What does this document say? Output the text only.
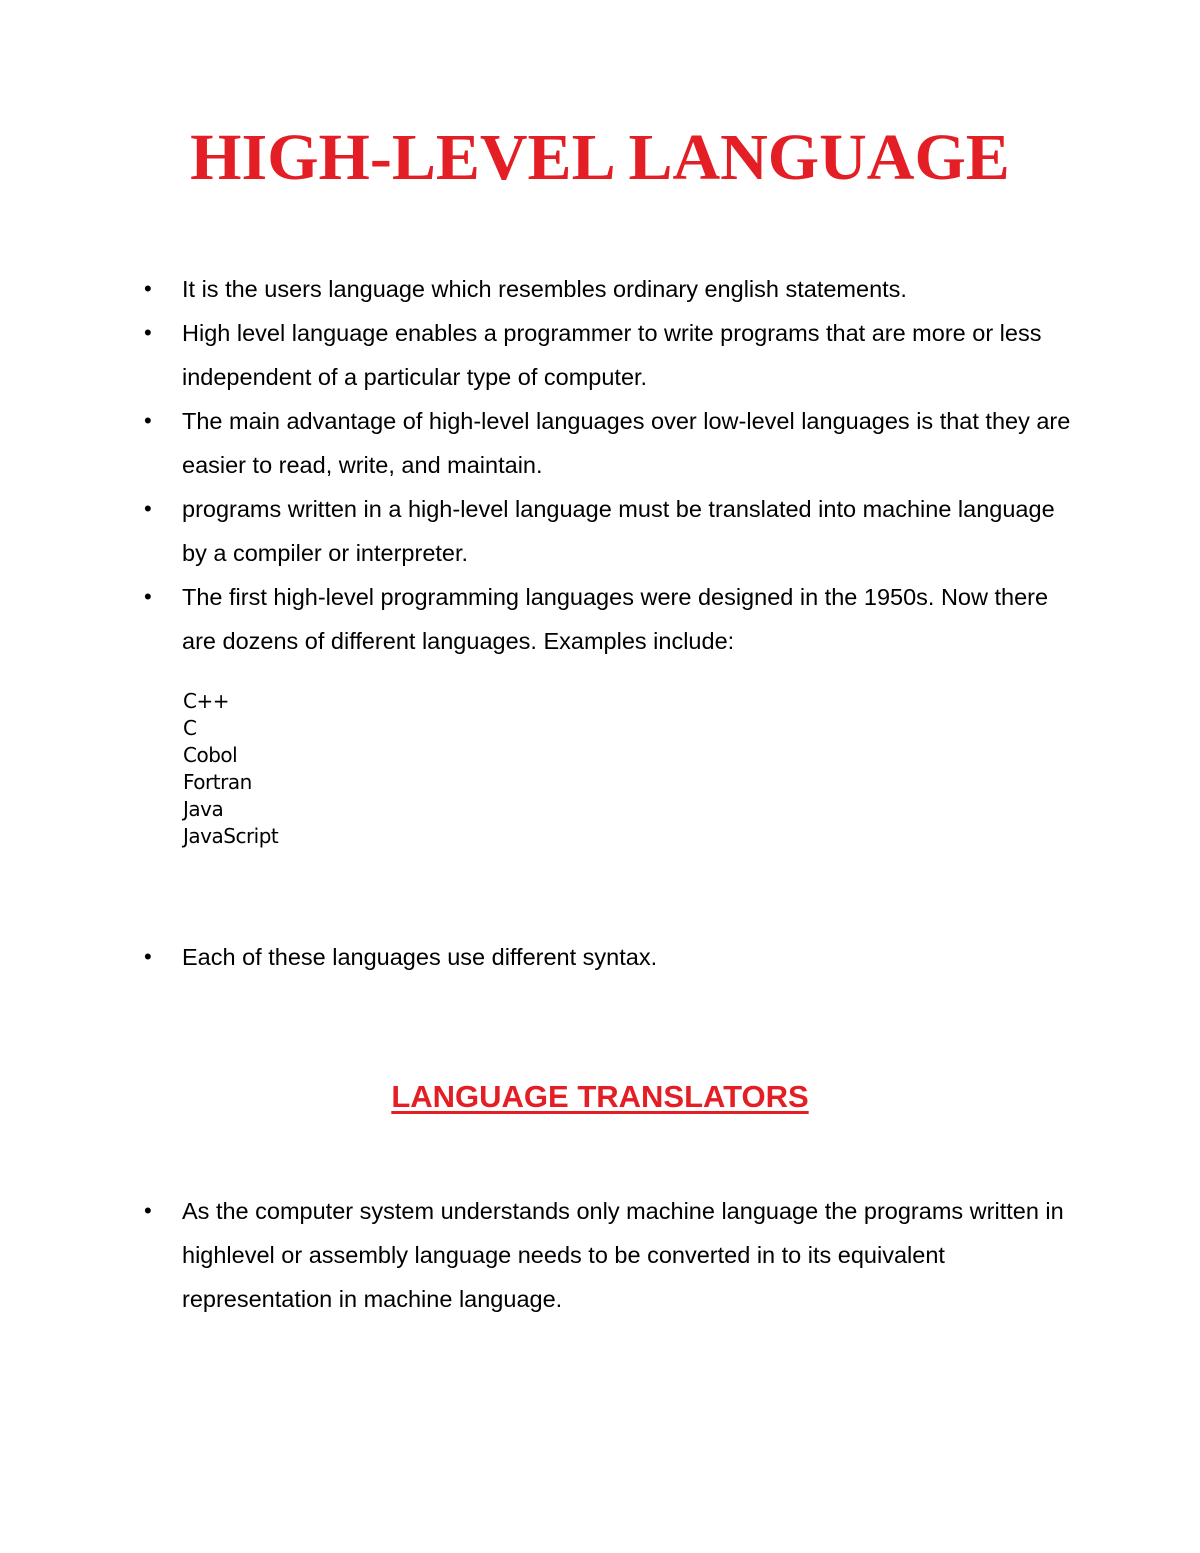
HIGH-LEVEL LANGUAGE
• It is the users language which resembles ordinary english statements.
• High level language enables a programmer to write programs that are more or less independent of a particular type of computer.
• The main advantage of high-level languages over low-level languages is that they are easier to read, write, and maintain.
• programs written in a high-level language must be translated into machine language by a compiler or interpreter.
• The first high-level programming languages were designed in the 1950s. Now there are dozens of different languages. Examples include:
C++
C
Cobol
Fortran
Java
JavaScript
• Each of these languages use different syntax.
LANGUAGE TRANSLATORS
• As the computer system understands only machine language the programs written in highlevel or assembly language needs to be converted in to its equivalent representation in machine language.
